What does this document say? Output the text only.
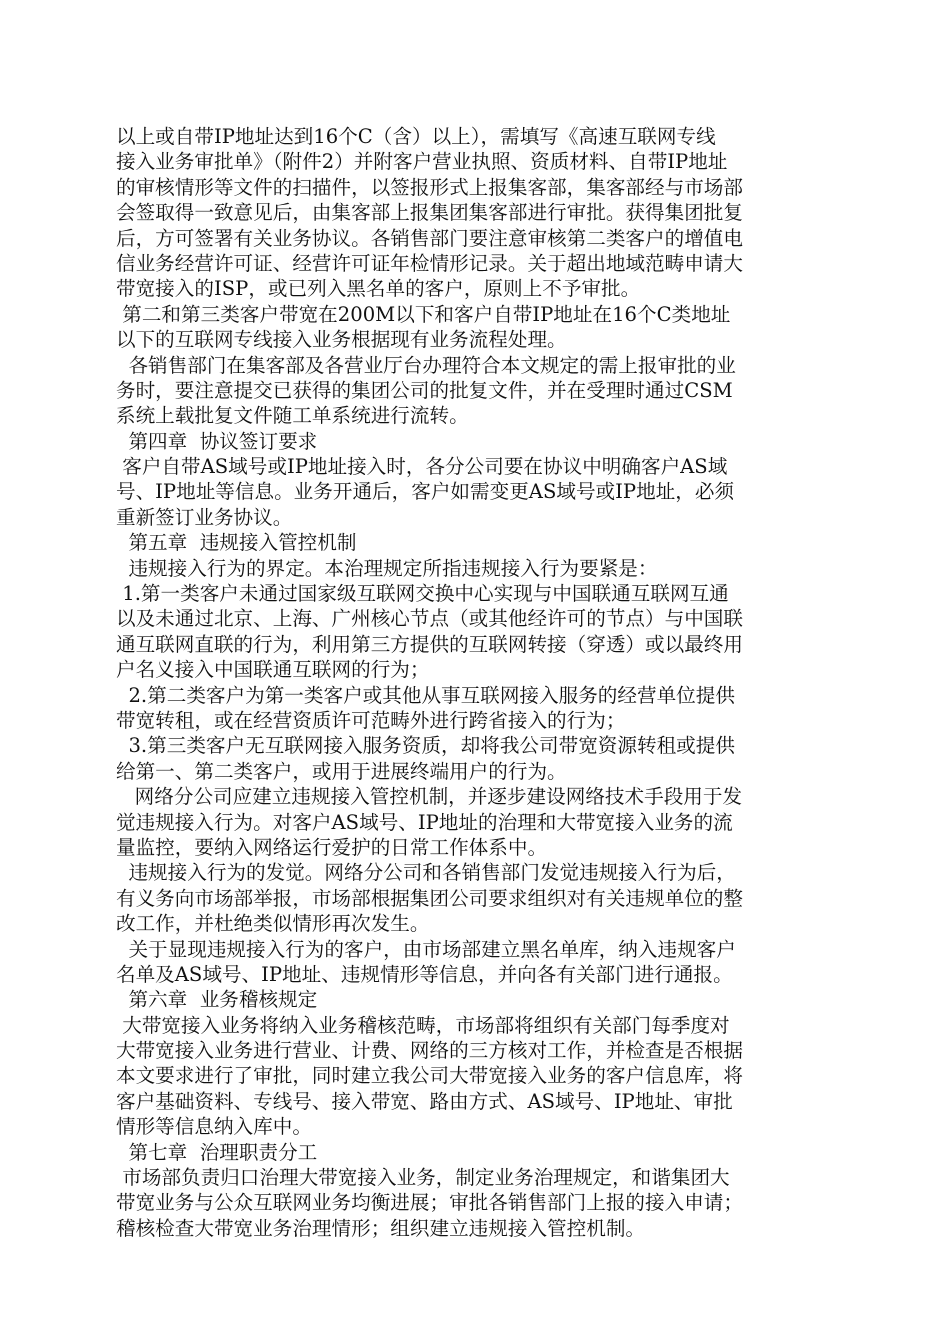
以上或自带IP地址达到16个C（含）以上），需填写《高速互联网专线
接入业务审批单》（附件2）并附客户营业执照、资质材料、自带IP地址
的审核情形等文件的扫描件，以签报形式上报集客部，集客部经与市场部
会签取得一致意见后，由集客部上报集团集客部进行审批。获得集团批复
后，方可签署有关业务协议。各销售部门要注意审核第二类客户的增值电
信业务经营许可证、经营许可证年检情形记录。关于超出地域范畴申请大
带宽接入的ISP，或已列入黑名单的客户，原则上不予审批。
第二和第三类客户带宽在200M以下和客户自带IP地址在16个C类地址
以下的互联网专线接入业务根据现有业务流程处理。
各销售部门在集客部及各营业厅台办理符合本文规定的需上报审批的业
务时，要注意提交已获得的集团公司的批复文件，并在受理时通过CSM
系统上载批复文件随工单系统进行流转。
第四章  协议签订要求
客户自带AS域号或IP地址接入时，各分公司要在协议中明确客户AS域
号、IP地址等信息。业务开通后，客户如需变更AS域号或IP地址，必须
重新签订业务协议。
第五章  违规接入管控机制
违规接入行为的界定。本治理规定所指违规接入行为要紧是：
1.第一类客户未通过国家级互联网交换中心实现与中国联通互联网互通
以及未通过北京、上海、广州核心节点（或其他经许可的节点）与中国联
通互联网直联的行为，利用第三方提供的互联网转接（穿透）或以最终用
户名义接入中国联通互联网的行为；
2.第二类客户为第一类客户或其他从事互联网接入服务的经营单位提供
带宽转租，或在经营资质许可范畴外进行跨省接入的行为；
3.第三类客户无互联网接入服务资质，却将我公司带宽资源转租或提供
给第一、第二类客户，或用于进展终端用户的行为。
网络分公司应建立违规接入管控机制，并逐步建设网络技术手段用于发
觉违规接入行为。对客户AS域号、IP地址的治理和大带宽接入业务的流
量监控，要纳入网络运行爱护的日常工作体系中。
违规接入行为的发觉。网络分公司和各销售部门发觉违规接入行为后，
有义务向市场部举报，市场部根据集团公司要求组织对有关违规单位的整
改工作，并杜绝类似情形再次发生。
关于显现违规接入行为的客户，由市场部建立黑名单库，纳入违规客户
名单及AS域号、IP地址、违规情形等信息，并向各有关部门进行通报。
第六章  业务稽核规定
大带宽接入业务将纳入业务稽核范畴，市场部将组织有关部门每季度对
大带宽接入业务进行营业、计费、网络的三方核对工作，并检查是否根据
本文要求进行了审批，同时建立我公司大带宽接入业务的客户信息库，将
客户基础资料、专线号、接入带宽、路由方式、AS域号、IP地址、审批
情形等信息纳入库中。
第七章  治理职责分工
市场部负责归口治理大带宽接入业务，制定业务治理规定，和谐集团大
带宽业务与公众互联网业务均衡进展；审批各销售部门上报的接入申请；
稽核检查大带宽业务治理情形；组织建立违规接入管控机制。
